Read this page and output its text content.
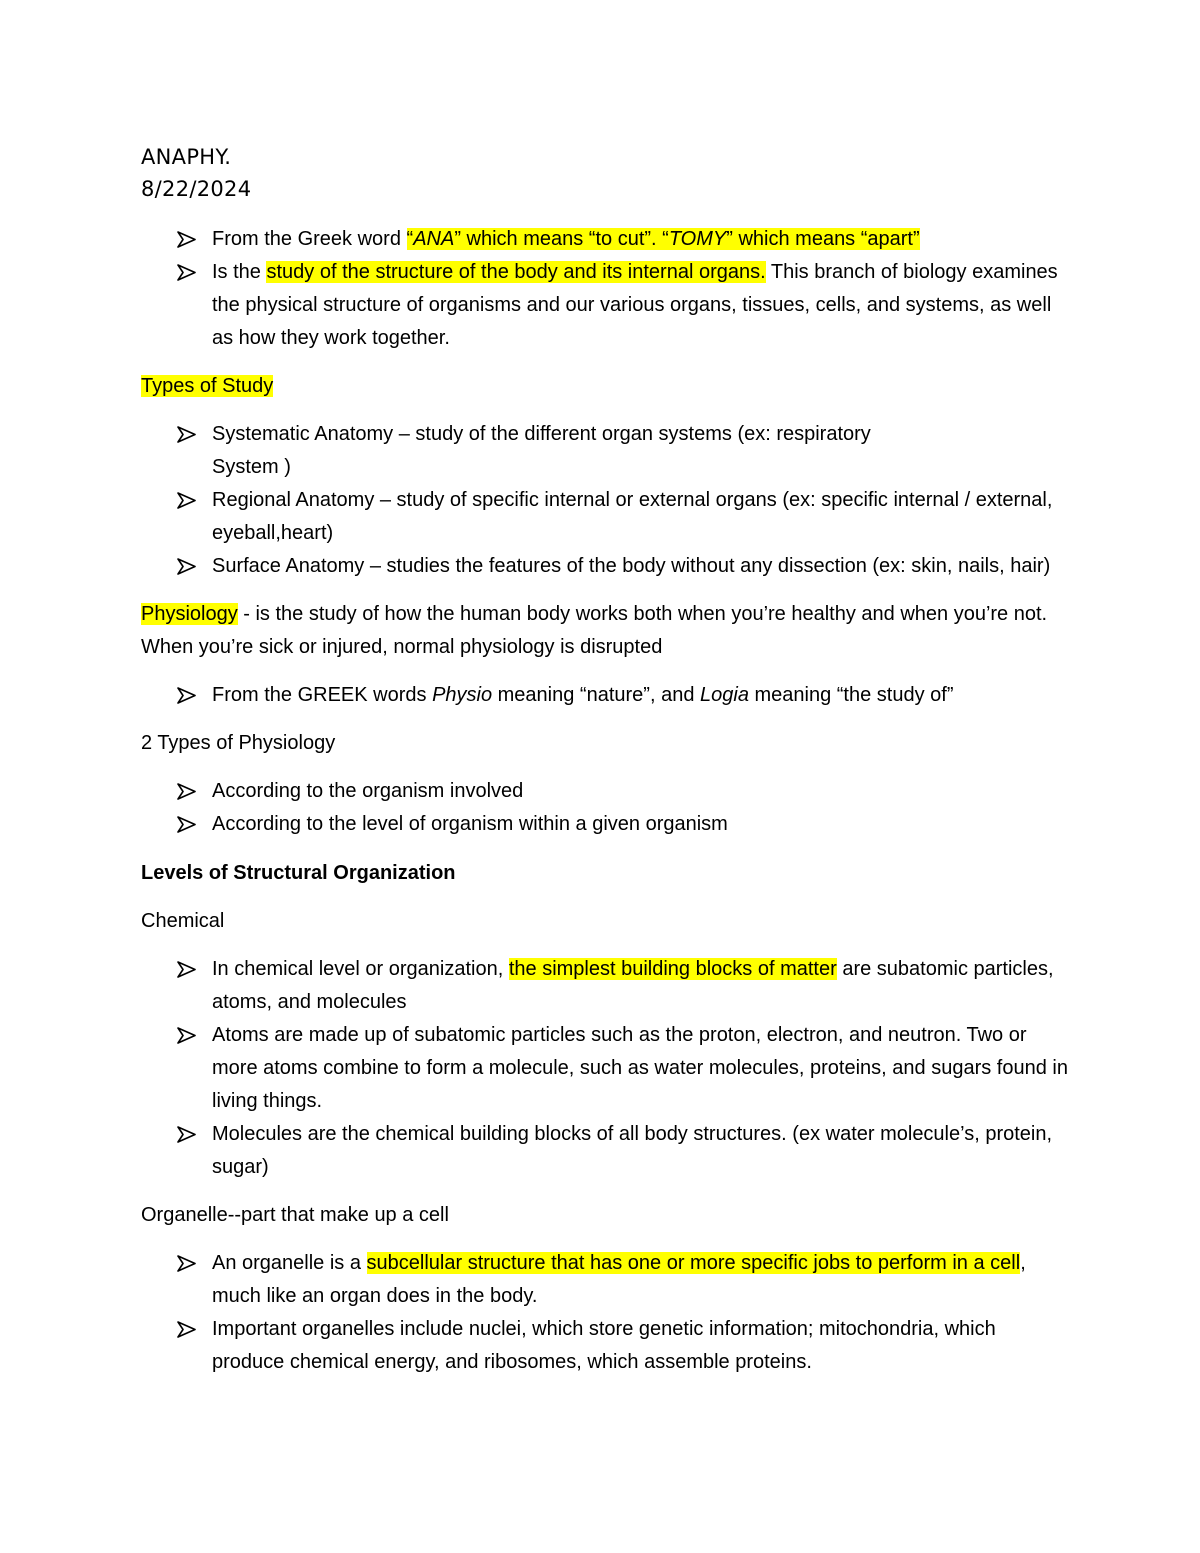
ANAPHY.

8/22/2024

From the Greek word “ANA” which means “to cut”. “TOMY” which means “apart”
Is the study of the structure of the body and its internal organs. This branch of biology examines the physical structure of organisms and our various organs, tissues, cells, and systems, as well as how they work together.

Types of Study

Systematic Anatomy – study of the different organ systems (ex: respiratory
System )
Regional Anatomy – study of specific internal or external organs (ex: specific internal / external, eyeball,heart)
Surface Anatomy – studies the features of the body without any dissection (ex: skin, nails, hair)

Physiology - is the study of how the human body works both when you’re healthy and when you’re not. When you’re sick or injured, normal physiology is disrupted

From the GREEK words Physio meaning “nature”, and Logia meaning “the study of”

2 Types of Physiology

According to the organism involved
According to the level of organism within a given organism

Levels of Structural Organization

Chemical

In chemical level or organization, the simplest building blocks of matter are subatomic particles, atoms, and molecules
Atoms are made up of subatomic particles such as the proton, electron, and neutron. Two or more atoms combine to form a molecule, such as water molecules, proteins, and sugars found in living things.
Molecules are the chemical building blocks of all body structures. (ex water molecule’s, protein, sugar)

Organelle--part that make up a cell

An organelle is a subcellular structure that has one or more specific jobs to perform in a cell, much like an organ does in the body.
Important organelles include nuclei, which store genetic information; mitochondria, which produce chemical energy, and ribosomes, which assemble proteins.
